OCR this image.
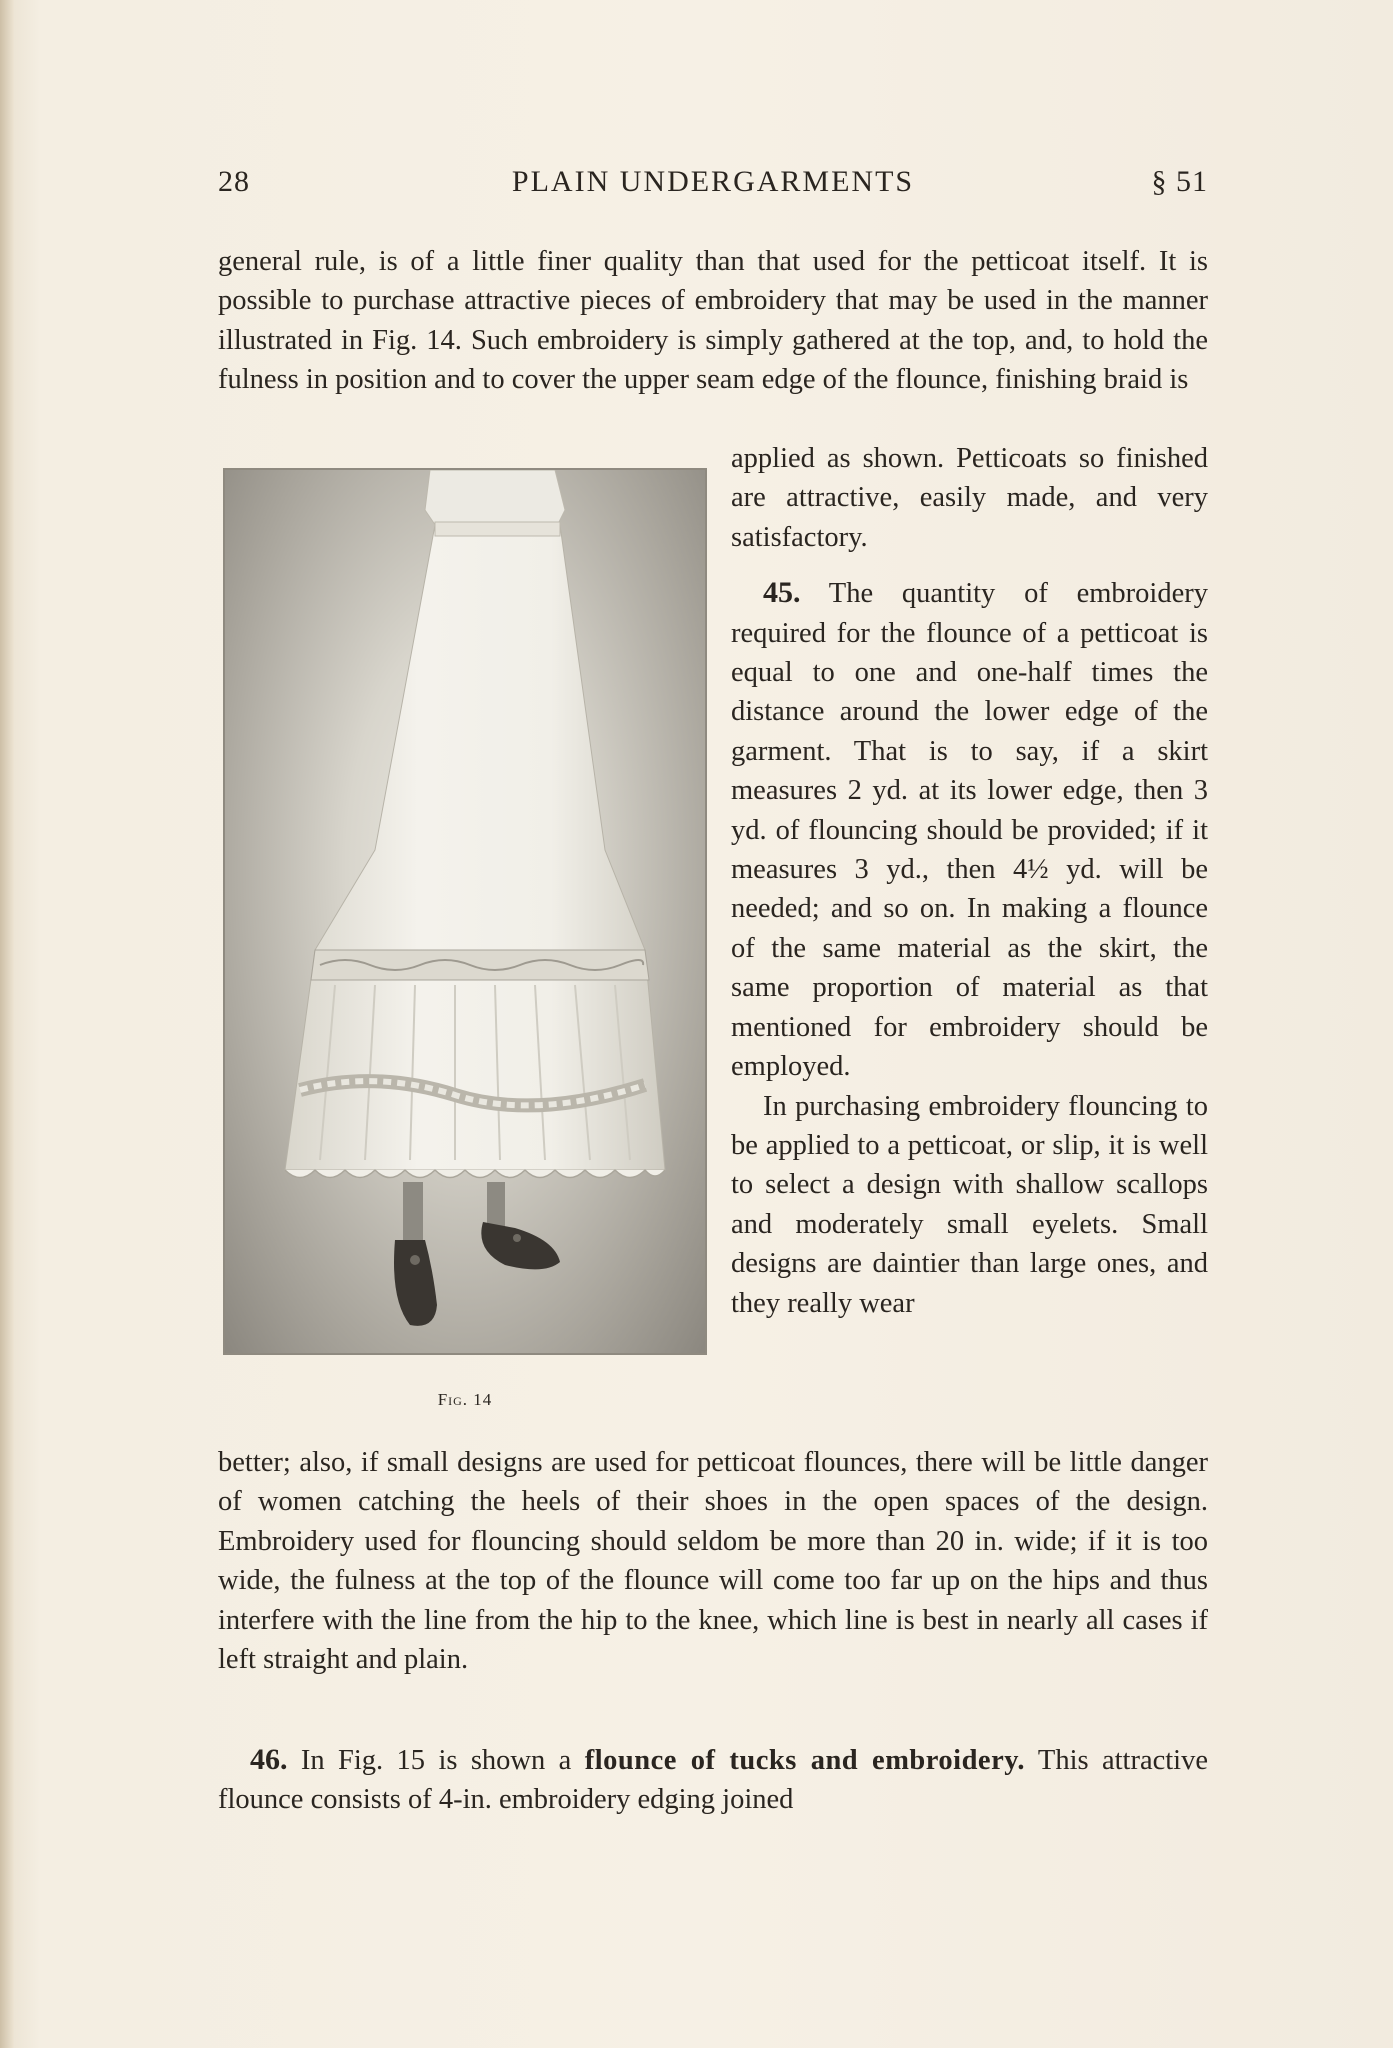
28	PLAIN UNDERGARMENTS	§ 51

general rule, is of a little finer quality than that used for the petticoat itself. It is possible to purchase attractive pieces of embroidery that may be used in the manner illustrated in Fig. 14. Such embroidery is simply gathered at the top, and, to hold the fulness in position and to cover the upper seam edge of the flounce, finishing braid is

Fig. 14

applied as shown. Petticoats so finished are attractive, easily made, and very satisfactory.

45. The quantity of embroidery required for the flounce of a petticoat is equal to one and one-half times the distance around the lower edge of the garment. That is to say, if a skirt measures 2 yd. at its lower edge, then 3 yd. of flouncing should be provided; if it measures 3 yd., then 4½ yd. will be needed; and so on. In making a flounce of the same material as the skirt, the same proportion of material as that mentioned for embroidery should be employed.

In purchasing embroidery flouncing to be applied to a petticoat, or slip, it is well to select a design with shallow scallops and moderately small eyelets. Small designs are daintier than large ones, and they really wear

better; also, if small designs are used for petticoat flounces, there will be little danger of women catching the heels of their shoes in the open spaces of the design. Embroidery used for flouncing should seldom be more than 20 in. wide; if it is too wide, the fulness at the top of the flounce will come too far up on the hips and thus interfere with the line from the hip to the knee, which line is best in nearly all cases if left straight and plain.

46. In Fig. 15 is shown a flounce of tucks and embroidery. This attractive flounce consists of 4-in. embroidery edging joined
